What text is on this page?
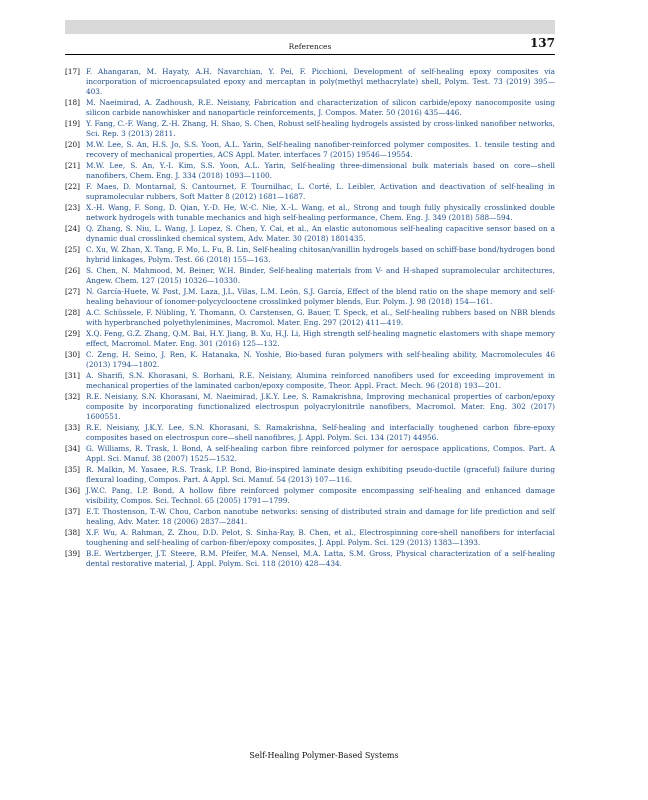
References	137
[17] F. Ahangaran, M. Hayaty, A.H. Navarchian, Y. Pei, F. Picchioni, Development of self-healing epoxy composites via incorporation of microencapsulated epoxy and mercaptan in poly(methyl methacrylate) shell, Polym. Test. 73 (2019) 395—403.
[18] M. Naeimirad, A. Zadhoush, R.E. Neisiany, Fabrication and characterization of silicon carbide/epoxy nanocomposite using silicon carbide nanowhisker and nanoparticle reinforcements, J. Compos. Mater. 50 (2016) 435—446.
[19] Y. Fang, C.-F. Wang, Z.-H. Zhang, H. Shao, S. Chen, Robust self-healing hydrogels assisted by cross-linked nanofiber networks, Sci. Rep. 3 (2013) 2811.
[20] M.W. Lee, S. An, H.S. Jo, S.S. Yoon, A.L. Yarin, Self-healing nanofiber-reinforced polymer composites. 1. tensile testing and recovery of mechanical properties, ACS Appl. Mater. interfaces 7 (2015) 19546—19554.
[21] M.W. Lee, S. An, Y.-I. Kim, S.S. Yoon, A.L. Yarin, Self-healing three-dimensional bulk materials based on core—shell nanofibers, Chem. Eng. J. 334 (2018) 1093—1100.
[22] F. Maes, D. Montarnal, S. Cantournet, F. Tournilhac, L. Corté, L. Leibler, Activation and deactivation of self-healing in supramolecular rubbers, Soft Matter 8 (2012) 1681—1687.
[23] X.-H. Wang, F. Song, D. Qian, Y.-D. He, W.-C. Nie, X.-L. Wang, et al., Strong and tough fully physically crosslinked double network hydrogels with tunable mechanics and high self-healing performance, Chem. Eng. J. 349 (2018) 588—594.
[24] Q. Zhang, S. Niu, L. Wang, J. Lopez, S. Chen, Y. Cai, et al., An elastic autonomous self-healing capacitive sensor based on a dynamic dual crosslinked chemical system, Adv. Mater. 30 (2018) 1801435.
[25] C. Xu, W. Zhan, X. Tang, F. Mo, L. Fu, B. Lin, Self-healing chitosan/vanillin hydrogels based on schiff-base bond/hydrogen bond hybrid linkages, Polym. Test. 66 (2018) 155—163.
[26] S. Chen, N. Mahmood, M. Beiner, W.H. Binder, Self-healing materials from V- and H-shaped supramolecular architectures, Angew. Chem. 127 (2015) 10326—10330.
[27] N. García-Huete, W. Post, J.M. Laza, J.L. Vilas, L.M. León, S.J. García, Effect of the blend ratio on the shape memory and self-healing behaviour of ionomer-polycyclooctene crosslinked polymer blends, Eur. Polym. J. 98 (2018) 154—161.
[28] A.C. Schüssele, F. Nübling, Y. Thomann, O. Carstensen, G. Bauer, T. Speck, et al., Self-healing rubbers based on NBR blends with hyperbranched polyethylenimines, Macromol. Mater. Eng. 297 (2012) 411—419.
[29] X.Q. Feng, G.Z. Zhang, Q.M. Bai, H.Y. Jiang, B. Xu, H.J. Li, High strength self-healing magnetic elastomers with shape memory effect, Macromol. Mater. Eng. 301 (2016) 125—132.
[30] C. Zeng, H. Seino, J. Ren, K. Hatanaka, N. Yoshie, Bio-based furan polymers with self-healing ability, Macromolecules 46 (2013) 1794—1802.
[31] A. Sharifi, S.N. Khorasani, S. Borhani, R.E. Neisiany, Alumina reinforced nanofibers used for exceeding improvement in mechanical properties of the laminated carbon/epoxy composite, Theor. Appl. Fract. Mech. 96 (2018) 193—201.
[32] R.E. Neisiany, S.N. Khorasani, M. Naeimirad, J.K.Y. Lee, S. Ramakrishna, Improving mechanical properties of carbon/epoxy composite by incorporating functionalized electrospun polyacrylonitrile nanofibers, Macromol. Mater. Eng. 302 (2017) 1600551.
[33] R.E. Neisiany, J.K.Y. Lee, S.N. Khorasani, S. Ramakrishna, Self-healing and interfacially toughened carbon fibre-epoxy composites based on electrospun core—shell nanofibres, J. Appl. Polym. Sci. 134 (2017) 44956.
[34] G. Williams, R. Trask, I. Bond, A self-healing carbon fibre reinforced polymer for aerospace applications, Compos. Part. A Appl. Sci. Manuf. 38 (2007) 1525—1532.
[35] R. Malkin, M. Yasaee, R.S. Trask, I.P. Bond, Bio-inspired laminate design exhibiting pseudo-ductile (graceful) failure during flexural loading, Compos. Part. A Appl. Sci. Manuf. 54 (2013) 107—116.
[36] J.W.C. Pang, I.P. Bond, A hollow fibre reinforced polymer composite encompassing self-healing and enhanced damage visibility, Compos. Sci. Technol. 65 (2005) 1791—1799.
[37] E.T. Thostenson, T.-W. Chou, Carbon nanotube networks: sensing of distributed strain and damage for life prediction and self healing, Adv. Mater. 18 (2006) 2837—2841.
[38] X.F. Wu, A. Rahman, Z. Zhou, D.D. Pelot, S. Sinha-Ray, B. Chen, et al., Electrospinning core-shell nanofibers for interfacial toughening and self-healing of carbon-fiber/epoxy composites, J. Appl. Polym. Sci. 129 (2013) 1383—1393.
[39] B.E. Wertzberger, J.T. Steere, R.M. Pfeifer, M.A. Nensel, M.A. Latta, S.M. Gross, Physical characterization of a self-healing dental restorative material, J. Appl. Polym. Sci. 118 (2010) 428—434.
Self-Healing Polymer-Based Systems
